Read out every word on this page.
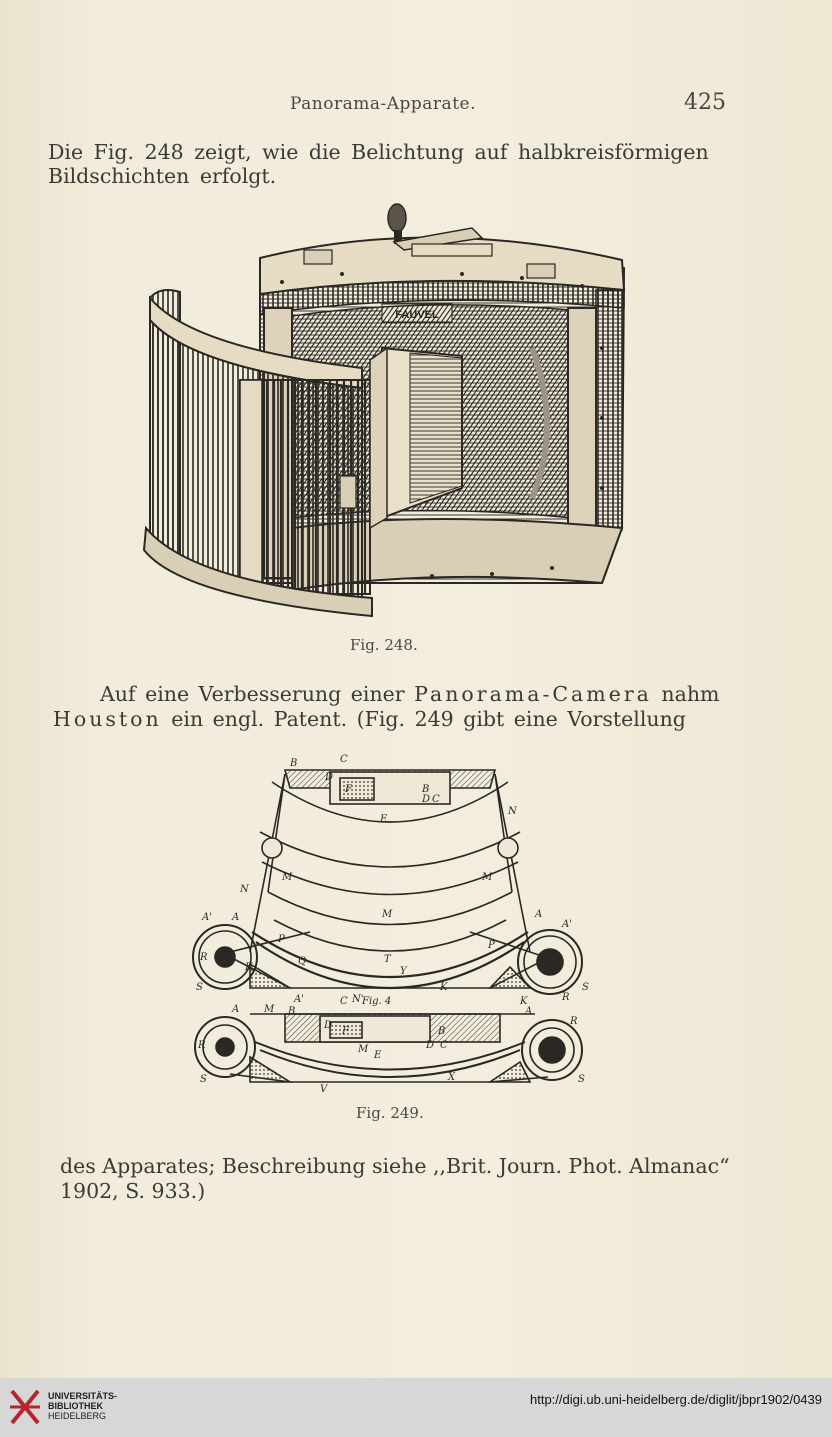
Panorama-Apparate.	425
Die Fig. 248 zeigt, wie die Belichtung auf halbkreisförmigen
Bildschichten erfolgt.
Fig. 248.
Auf eine Verbesserung einer Panorama-Camera nahm
Houston ein engl. Patent. (Fig. 249 gibt eine Vorstellung
B	C
D
F	B
D C
E
N
M	M
N
M
A' A	A
A'
P
P
R
K
Q	T
Y
K
S	S
R
A'	K
C N'
Fig. 4
A M B
D
F	B
D C
M
E
A
R
R
S	S
V
X
Fig. 249.
des Apparates; Beschreibung siehe ,,Brit. Journ. Phot. Almanac“
1902, S. 933.)
UNIVERSITÄTS-
BIBLIOTHEK
HEIDELBERG
http://digi.ub.uni-heidelberg.de/diglit/jbpr1902/0439
